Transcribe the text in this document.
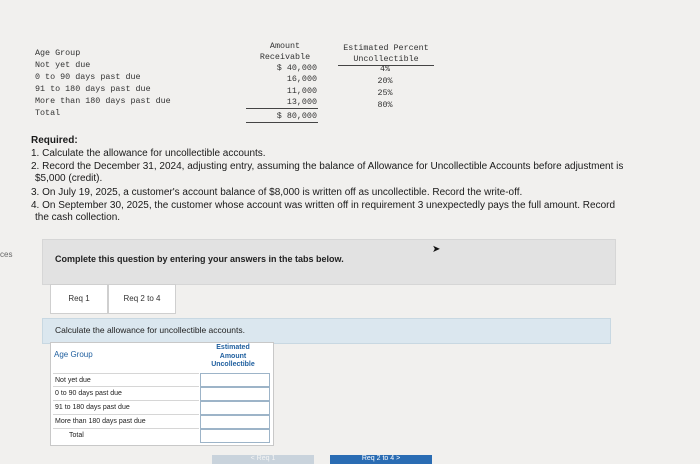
ces
Amount
Receivable
Estimated Percent
Uncollectible
Age Group
Not yet due	$ 40,000	4%
0 to 90 days past due	16,000	20%
91 to 180 days past due	11,000	25%
More than 180 days past due	13,000	80%
Total	$ 80,000
Required:
1. Calculate the allowance for uncollectible accounts.
2. Record the December 31, 2024, adjusting entry, assuming the balance of Allowance for Uncollectible Accounts before adjustment is
$5,000 (credit).
3. On July 19, 2025, a customer's account balance of $8,000 is written off as uncollectible. Record the write-off.
4. On September 30, 2025, the customer whose account was written off in requirement 3 unexpectedly pays the full amount. Record
the cash collection.
Complete this question by entering your answers in the tabs below.
➤
Req 1	Req 2 to 4
Calculate the allowance for uncollectible accounts.
Age Group
Estimated
Amount
Uncollectible
Not yet due
0 to 90 days past due
91 to 180 days past due
More than 180 days past due
Total
< Req 1	Req 2 to 4 >
